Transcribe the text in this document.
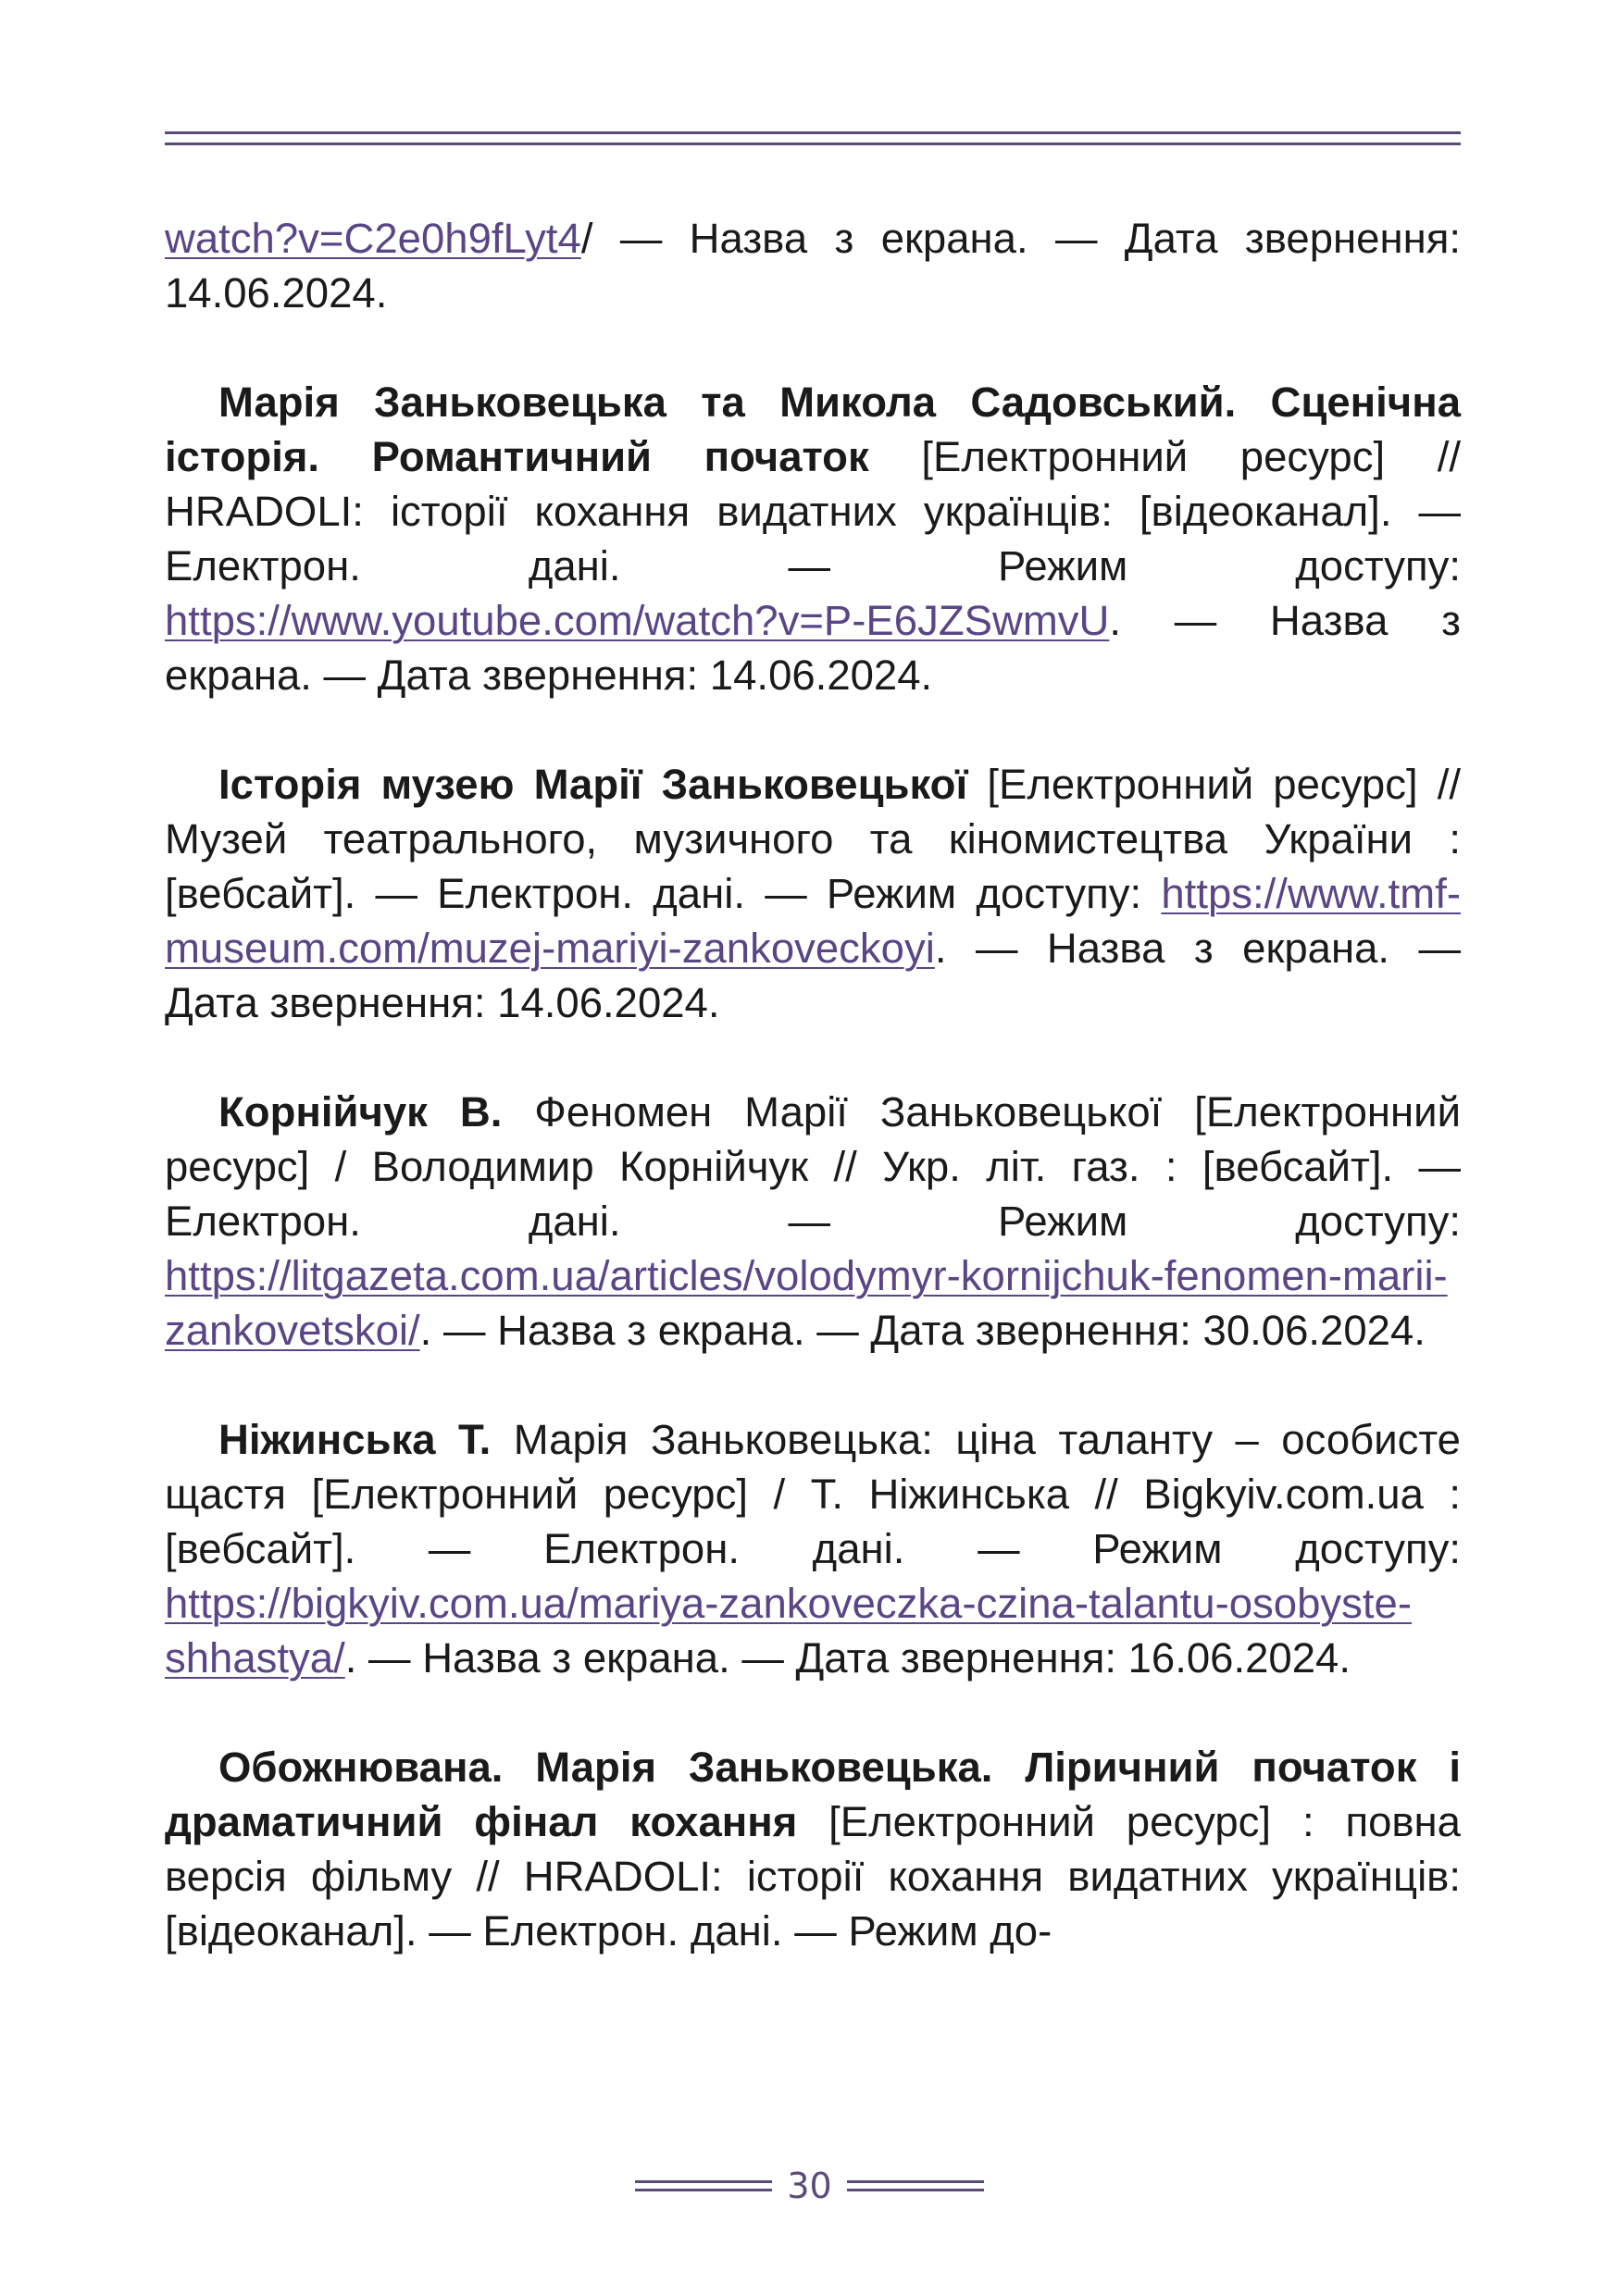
watch?v=C2e0h9fLyt4/ — Назва з екрана. — Дата звернення: 14.06.2024.

Марія Заньковецька та Микола Садовський. Сценічна історія. Романтичний початок [Електронний ресурс] // HRADOLI: історії кохання видатних українців: [відеоканал]. — Електрон. дані. — Режим доступу: https://www.youtube.com/watch?v=P-E6JZSwmvU. — Назва з екрана. — Дата звернення: 14.06.2024.

Історія музею Марії Заньковецької [Електронний ресурс] // Музей театрального, музичного та кіномистецтва України : [вебсайт]. — Електрон. дані. — Режим доступу: https://www.tmf-museum.com/muzej-mariyi-zankoveckoyi. — Назва з екрана. — Дата звернення: 14.06.2024.

Корнійчук В. Феномен Марії Заньковецької [Електронний ресурс] / Володимир Корнійчук // Укр. літ. газ. : [вебсайт]. — Електрон. дані. — Режим доступу: https://litgazeta.com.ua/articles/volodymyr-kornijchuk-fenomen-marii-zankovetskoi/. — Назва з екрана. — Дата звернення: 30.06.2024.

Ніжинська Т. Марія Заньковецька: ціна таланту – особисте щастя [Електронний ресурс] / Т. Ніжинська // Bigkyiv.com.ua : [вебсайт]. — Електрон. дані. — Режим доступу: https://bigkyiv.com.ua/mariya-zankoveczka-czina-talantu-osobyste-shhastya/. — Назва з екрана. — Дата звернення: 16.06.2024.

Обожнювана. Марія Заньковецька. Ліричний початок і драматичний фінал кохання [Електронний ресурс] : повна версія фільму // HRADOLI: історії кохання видатних українців: [відеоканал]. — Електрон. дані. — Режим до-

30
